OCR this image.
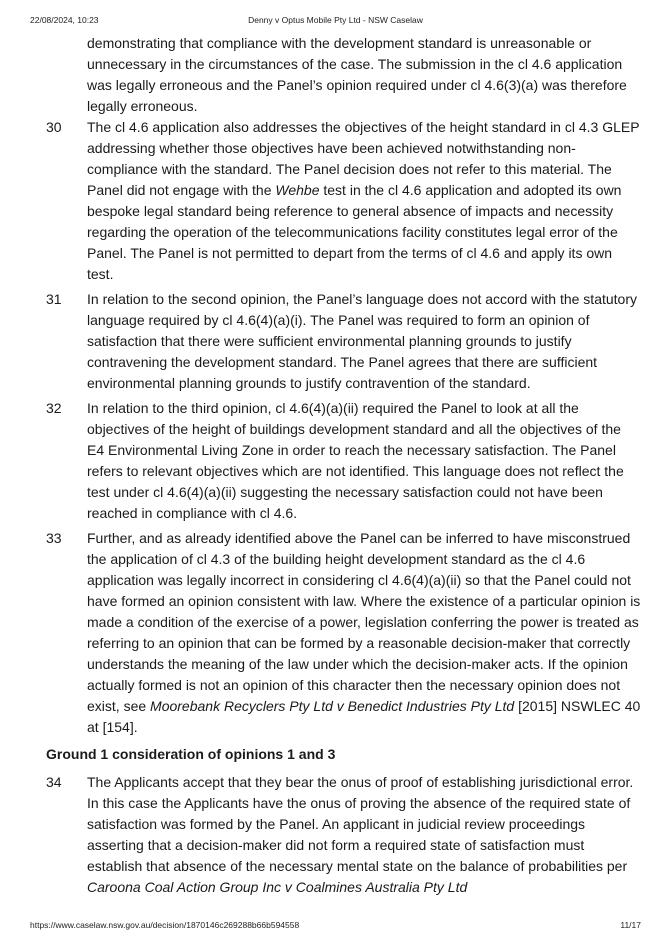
22/08/2024, 10:23	Denny v Optus Mobile Pty Ltd - NSW Caselaw
demonstrating that compliance with the development standard is unreasonable or unnecessary in the circumstances of the case. The submission in the cl 4.6 application was legally erroneous and the Panel’s opinion required under cl 4.6(3)(a) was therefore legally erroneous.
30 The cl 4.6 application also addresses the objectives of the height standard in cl 4.3 GLEP addressing whether those objectives have been achieved notwithstanding non-compliance with the standard. The Panel decision does not refer to this material. The Panel did not engage with the Wehbe test in the cl 4.6 application and adopted its own bespoke legal standard being reference to general absence of impacts and necessity regarding the operation of the telecommunications facility constitutes legal error of the Panel. The Panel is not permitted to depart from the terms of cl 4.6 and apply its own test.
31 In relation to the second opinion, the Panel’s language does not accord with the statutory language required by cl 4.6(4)(a)(i). The Panel was required to form an opinion of satisfaction that there were sufficient environmental planning grounds to justify contravening the development standard. The Panel agrees that there are sufficient environmental planning grounds to justify contravention of the standard.
32 In relation to the third opinion, cl 4.6(4)(a)(ii) required the Panel to look at all the objectives of the height of buildings development standard and all the objectives of the E4 Environmental Living Zone in order to reach the necessary satisfaction. The Panel refers to relevant objectives which are not identified. This language does not reflect the test under cl 4.6(4)(a)(ii) suggesting the necessary satisfaction could not have been reached in compliance with cl 4.6.
33 Further, and as already identified above the Panel can be inferred to have misconstrued the application of cl 4.3 of the building height development standard as the cl 4.6 application was legally incorrect in considering cl 4.6(4)(a)(ii) so that the Panel could not have formed an opinion consistent with law. Where the existence of a particular opinion is made a condition of the exercise of a power, legislation conferring the power is treated as referring to an opinion that can be formed by a reasonable decision-maker that correctly understands the meaning of the law under which the decision-maker acts. If the opinion actually formed is not an opinion of this character then the necessary opinion does not exist, see Moorebank Recyclers Pty Ltd v Benedict Industries Pty Ltd [2015] NSWLEC 40 at [154].
Ground 1 consideration of opinions 1 and 3
34 The Applicants accept that they bear the onus of proof of establishing jurisdictional error. In this case the Applicants have the onus of proving the absence of the required state of satisfaction was formed by the Panel. An applicant in judicial review proceedings asserting that a decision-maker did not form a required state of satisfaction must establish that absence of the necessary mental state on the balance of probabilities per Caroona Coal Action Group Inc v Coalmines Australia Pty Ltd
https://www.caselaw.nsw.gov.au/decision/1870146c269288b66b594558	11/17
